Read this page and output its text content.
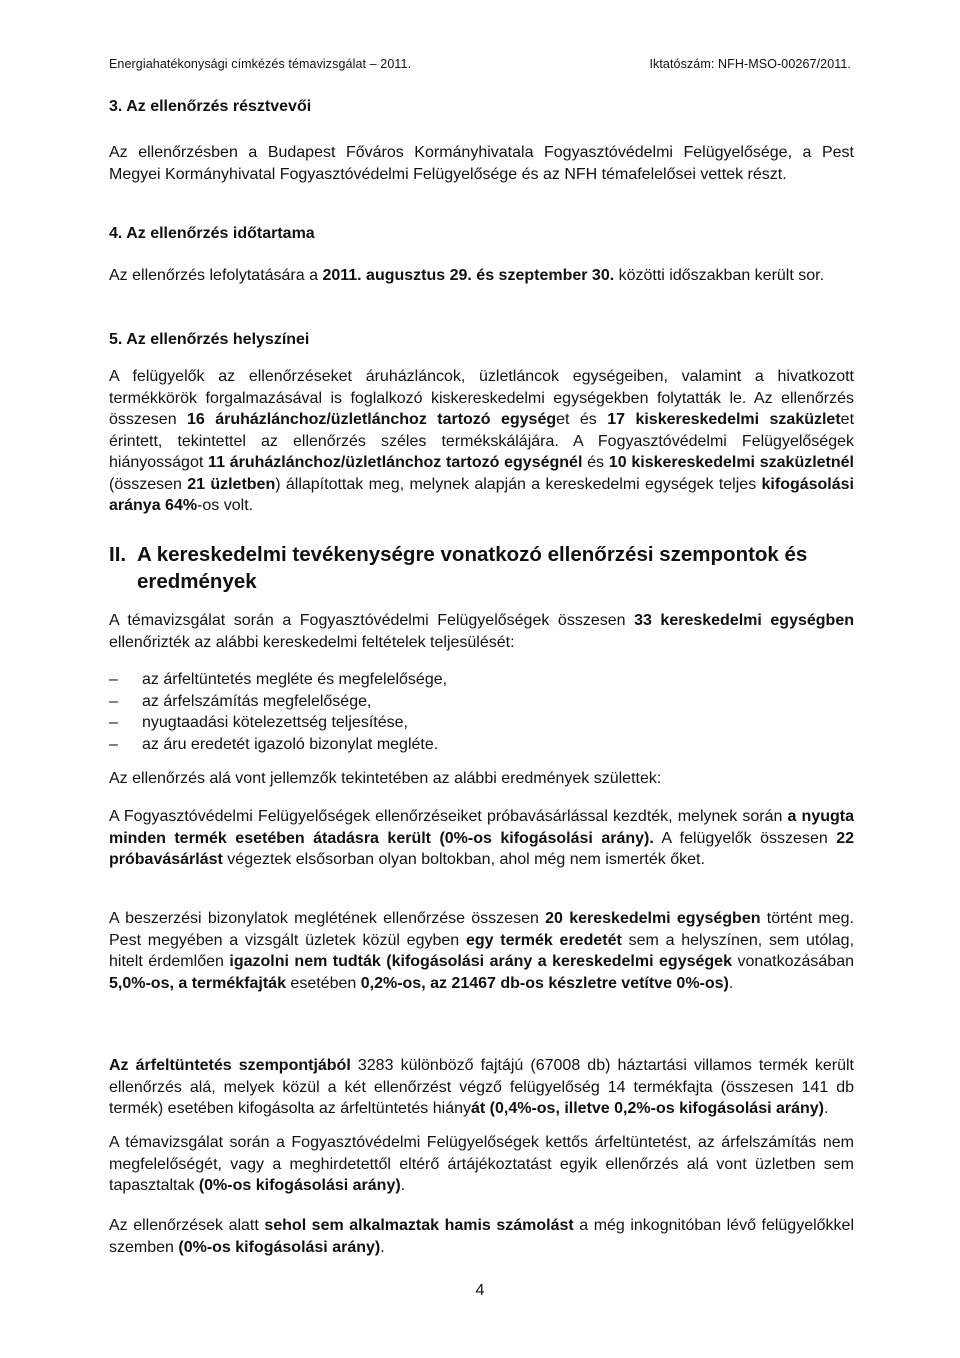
Energiahatékonysági címkézés témavizsgálat – 2011.	Iktatószám: NFH-MSO-00267/2011.
3. Az ellenőrzés résztvevői
Az ellenőrzésben a Budapest Főváros Kormányhivatala Fogyasztóvédelmi Felügyelősége, a Pest Megyei Kormányhivatal Fogyasztóvédelmi Felügyelősége és az NFH témafelelősei vettek részt.
4. Az ellenőrzés időtartama
Az ellenőrzés lefolytatására a 2011. augusztus 29. és szeptember 30. közötti időszakban került sor.
5. Az ellenőrzés helyszínei
A felügyelők az ellenőrzéseket áruházláncok, üzletláncok egységeiben, valamint a hivatkozott termékkörök forgalmazásával is foglalkozó kiskereskedelmi egységekben folytatták le. Az ellenőrzés összesen 16 áruházlánchoz/üzletlánchoz tartozó egységet és 17 kiskereskedelmi szaküzletet érintett, tekintettel az ellenőrzés széles termékskálájára. A Fogyasztóvédelmi Felügyelőségek hiányosságot 11 áruházlánchoz/üzletlánchoz tartozó egységnél és 10 kiskereskedelmi szaküzletnél (összesen 21 üzletben) állapítottak meg, melynek alapján a kereskedelmi egységek teljes kifogásolási aránya 64%-os volt.
II. A kereskedelmi tevékenységre vonatkozó ellenőrzési szempontok és eredmények
A témavizsgálat során a Fogyasztóvédelmi Felügyelőségek összesen 33 kereskedelmi egységben ellenőrizték az alábbi kereskedelmi feltételek teljesülését:
– az árfeltüntetés megléte és megfelelősége,
– az árfelszámítás megfelelősége,
– nyugtaadási kötelezettség teljesítése,
– az áru eredetét igazoló bizonylat megléte.
Az ellenőrzés alá vont jellemzők tekintetében az alábbi eredmények születtek:
A Fogyasztóvédelmi Felügyelőségek ellenőrzéseiket próbavásárlással kezdték, melynek során a nyugta minden termék esetében átadásra került (0%-os kifogásolási arány). A felügyelők összesen 22 próbavásárlást végeztek elsősorban olyan boltokban, ahol még nem ismerték őket.
A beszerzési bizonylatok meglétének ellenőrzése összesen 20 kereskedelmi egységben történt meg. Pest megyében a vizsgált üzletek közül egyben egy termék eredetét sem a helyszínen, sem utólag, hitelt érdemlően igazolni nem tudták (kifogásolási arány a kereskedelmi egységek vonatkozásában 5,0%-os, a termékfajták esetében 0,2%-os, az 21467 db-os készletre vetítve 0%-os).
Az árfeltüntetés szempontjából 3283 különböző fajtájú (67008 db) háztartási villamos termék került ellenőrzés alá, melyek közül a két ellenőrzést végző felügyelőség 14 termékfajta (összesen 141 db termék) esetében kifogásolta az árfeltüntetés hiányát (0,4%-os, illetve 0,2%-os kifogásolási arány).
A témavizsgálat során a Fogyasztóvédelmi Felügyelőségek kettős árfeltüntetést, az árfelszámítás nem megfelelőségét, vagy a meghirdetettől eltérő ártájékoztatást egyik ellenőrzés alá vont üzletben sem tapasztaltak (0%-os kifogásolási arány).
Az ellenőrzések alatt sehol sem alkalmaztak hamis számolást a még inkognitóban lévő felügyelőkkel szemben (0%-os kifogásolási arány).
4
